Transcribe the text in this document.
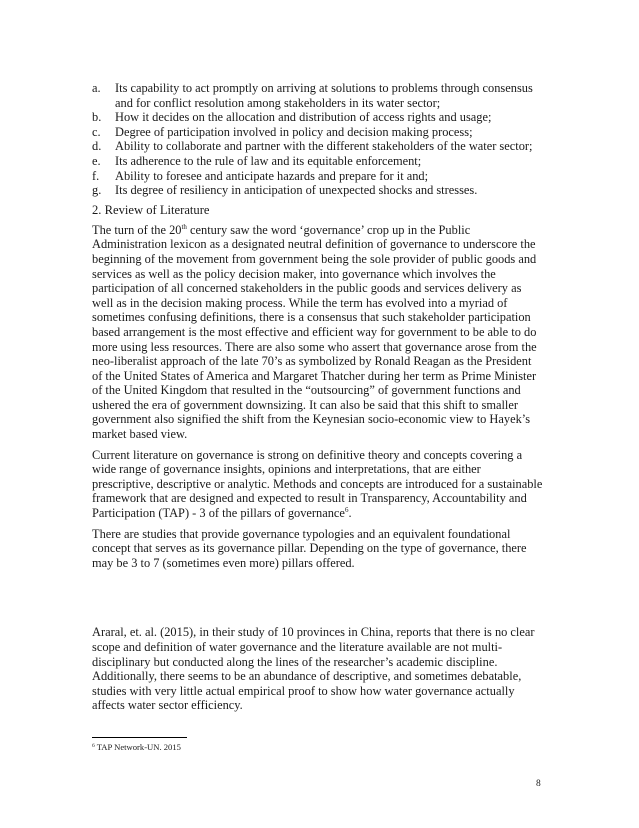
a. Its capability to act promptly on arriving at solutions to problems through consensus and for conflict resolution among stakeholders in its water sector;
b. How it decides on the allocation and distribution of access rights and usage;
c. Degree of participation involved in policy and decision making process;
d. Ability to collaborate and partner with the different stakeholders of the water sector;
e. Its adherence to the rule of law and its equitable enforcement;
f. Ability to foresee and anticipate hazards and prepare for it and;
g. Its degree of resiliency in anticipation of unexpected shocks and stresses.
2. Review of Literature

The turn of the 20th century saw the word ‘governance’ crop up in the Public Administration lexicon as a designated neutral definition of governance to underscore the beginning of the movement from government being the sole provider of public goods and services as well as the policy decision maker, into governance which involves the participation of all concerned stakeholders in the public goods and services delivery as well as in the decision making process. While the term has evolved into a myriad of sometimes confusing definitions, there is a consensus that such stakeholder participation based arrangement is the most effective and efficient way for government to be able to do more using less resources. There are also some who assert that governance arose from the neo-liberalist approach of the late 70’s as symbolized by Ronald Reagan as the President of the United States of America and Margaret Thatcher during her term as Prime Minister of the United Kingdom that resulted in the “outsourcing” of government functions and ushered the era of government downsizing. It can also be said that this shift to smaller government also signified the shift from the Keynesian socio-economic view to Hayek’s market based view.

Current literature on governance is strong on definitive theory and concepts covering a wide range of governance insights, opinions and interpretations, that are either prescriptive, descriptive or analytic. Methods and concepts are introduced for a sustainable framework that are designed and expected to result in Transparency, Accountability and Participation (TAP) - 3 of the pillars of governance$^6$.

There are studies that provide governance typologies and an equivalent foundational concept that serves as its governance pillar. Depending on the type of governance, there may be 3 to 7 (sometimes even more) pillars offered.

Araral, et. al. (2015), in their study of 10 provinces in China, reports that there is no clear scope and definition of water governance and the literature available are not multi-disciplinary but conducted along the lines of the researcher’s academic discipline. Additionally, there seems to be an abundance of descriptive, and sometimes debatable, studies with very little actual empirical proof to show how water governance actually affects water sector efficiency.

$^6$ TAP Network-UN. 2015
8
